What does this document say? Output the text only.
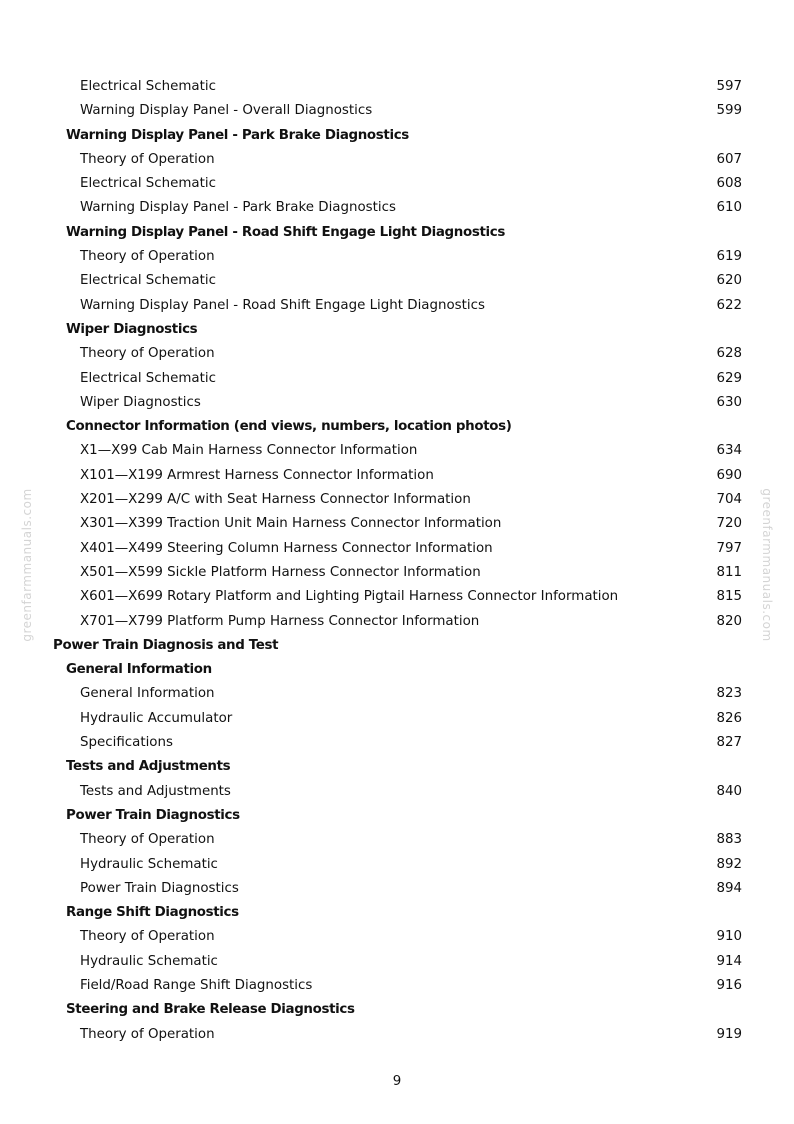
greenfarmmanuals.com	greenfarmmanuals.com
Electrical Schematic	597
Warning Display Panel - Overall Diagnostics	599
Warning Display Panel - Park Brake Diagnostics
Theory of Operation	607
Electrical Schematic	608
Warning Display Panel - Park Brake Diagnostics	610
Warning Display Panel - Road Shift Engage Light Diagnostics
Theory of Operation	619
Electrical Schematic	620
Warning Display Panel - Road Shift Engage Light Diagnostics	622
Wiper Diagnostics
Theory of Operation	628
Electrical Schematic	629
Wiper Diagnostics	630
Connector Information (end views, numbers, location photos)
X1—X99 Cab Main Harness Connector Information	634
X101—X199 Armrest Harness Connector Information	690
X201—X299 A/C with Seat Harness Connector Information	704
X301—X399 Traction Unit Main Harness Connector Information	720
X401—X499 Steering Column Harness Connector Information	797
X501—X599 Sickle Platform Harness Connector Information	811
X601—X699 Rotary Platform and Lighting Pigtail Harness Connector Information	815
X701—X799 Platform Pump Harness Connector Information	820
Power Train Diagnosis and Test
General Information
General Information	823
Hydraulic Accumulator	826
Specifications	827
Tests and Adjustments
Tests and Adjustments	840
Power Train Diagnostics
Theory of Operation	883
Hydraulic Schematic	892
Power Train Diagnostics	894
Range Shift Diagnostics
Theory of Operation	910
Hydraulic Schematic	914
Field/Road Range Shift Diagnostics	916
Steering and Brake Release Diagnostics
Theory of Operation	919
9
